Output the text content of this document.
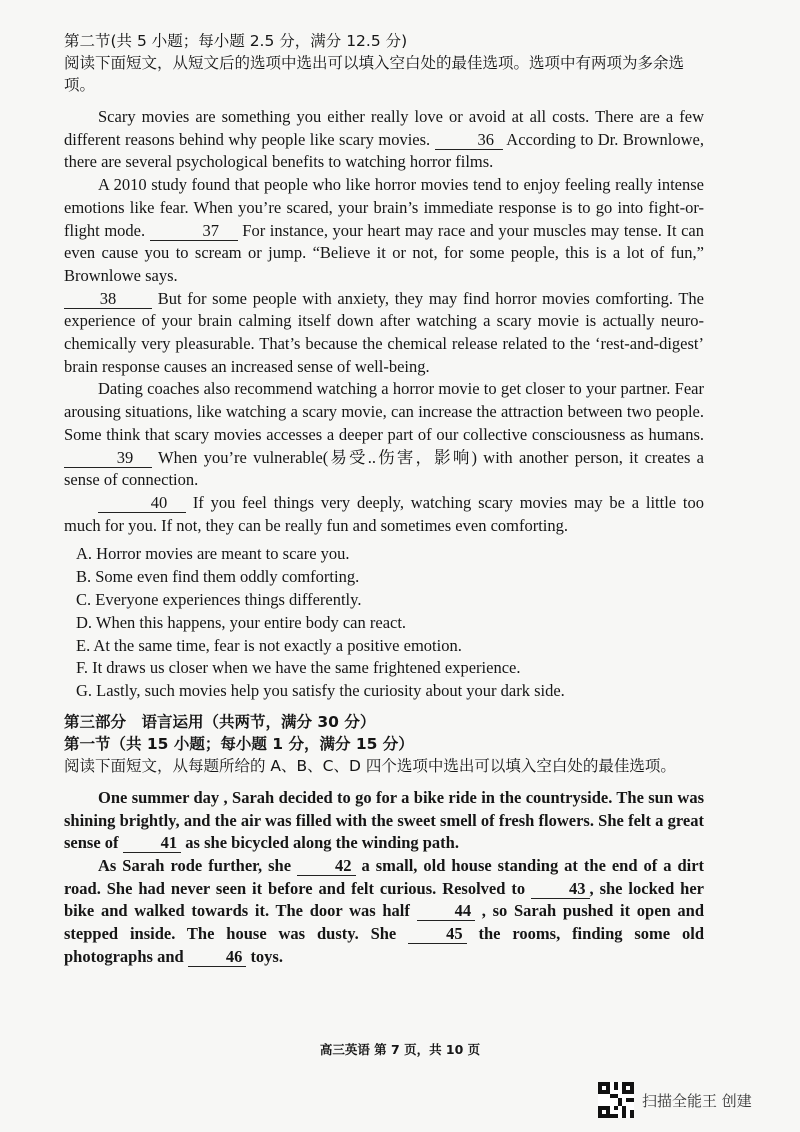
第二节(共 5 小题；每小题 2.5 分，满分 12.5 分)
阅读下面短文，从短文后的选项中选出可以填入空白处的最佳选项。选项中有两项为多余选项。

Scary movies are something you either really love or avoid at all costs. There are a few different reasons behind why people like scary movies.	36 According to Dr. Brownlowe, there are several psychological benefits to watching horror films.

A 2010 study found that people who like horror movies tend to enjoy feeling really intense emotions like fear. When you’re scared, your brain’s immediate response is to go into fight-or-flight mode.	37 For instance, your heart may race and your muscles may tense. It can even cause you to scream or jump. “Believe it or not, for some people, this is a lot of fun,” Brownlowe says.

38	But for some people with anxiety, they may find horror movies comforting. The experience of your brain calming itself down after watching a scary movie is actually neuro-chemically very pleasurable. That’s because the chemical release related to the ‘rest-and-digest’ brain response causes an increased sense of well-being.

Dating coaches also recommend watching a horror movie to get closer to your partner. Fear arousing situations, like watching a scary movie, can increase the attraction between two people. Some think that scary movies accesses a deeper part of our collective consciousness as humans. 39 When you’re vulnerable(易受..伤害，影响) with another person, it creates a sense of connection.

40 If you feel things very deeply, watching scary movies may be a little too much for you. If not, they can be really fun and sometimes even comforting.

A. Horror movies are meant to scare you.
B. Some even find them oddly comforting.
C. Everyone experiences things differently.
D. When this happens, your entire body can react.
E. At the same time, fear is not exactly a positive emotion.
F. It draws us closer when we have the same frightened experience.
G. Lastly, such movies help you satisfy the curiosity about your dark side.
第三部分　语言运用（共两节，满分 30 分）
第一节（共 15 小题；每小题 1 分，满分 15 分）
阅读下面短文，从每题所给的 A、B、C、D 四个选项中选出可以填入空白处的最佳选项。

One summer day , Sarah decided to go for a bike ride in the countryside. The sun was shining brightly, and the air was filled with the sweet smell of fresh flowers. She felt a great sense of	41 as she bicycled along the winding path.

As Sarah rode further, she	42 a small, old house standing at the end of a dirt road. She had never seen it before and felt curious. Resolved to	43 , she locked her bike and walked towards it. The door was half	44 , so Sarah pushed it open and stepped inside. The house was dusty. She	45 the rooms, finding some old photographs and	46 toys.

高三英语 第 7 页，共 10 页
扫描全能王 创建
